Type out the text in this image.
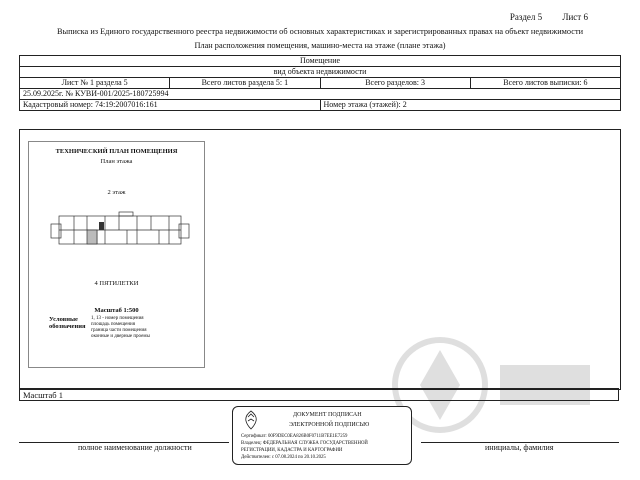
Раздел 5 Лист 6
Выписка из Единого государственного реестра недвижимости об основных характеристиках и зарегистрированных правах на объект недвижимости
План расположения помещения, машино-места на этаже (плане этажа)
Помещение			
вид объекта недвижимости			
Лист № 1 раздела 5	Всего листов раздела 5: 1	Всего разделов: 3	Всего листов выписки: 6
25.09.2025г. № КУВИ-001/2025-180725994			
Кадастровый номер: 74:19:2007016:161		Номер этажа (этажей): 2	
ТЕХНИЧЕСКИЙ ПЛАН ПОМЕЩЕНИЯ
План этажа
2 этаж
4 ПЯТИЛЕТКИ
Масштаб 1:500
Условные обозначения
1, 13 - номер помещения
площадь помещения
граница части помещения
оконные и дверные проемы
Масштаб 1
полное наименование должности	инициалы, фамилия
ДОКУМЕНТ ПОДПИСАН
ЭЛЕКТРОННОЙ ПОДПИСЬЮ
Сертификат: 00F9DEC0EA826B0F0711B7EE1E7259
Владелец: ФЕДЕРАЛЬНАЯ СЛУЖБА ГОСУДАРСТВЕННОЙ
РЕГИСТРАЦИИ, КАДАСТРА И КАРТОГРАФИИ
Действителен: с 07.08.2024 по 20.10.2025
